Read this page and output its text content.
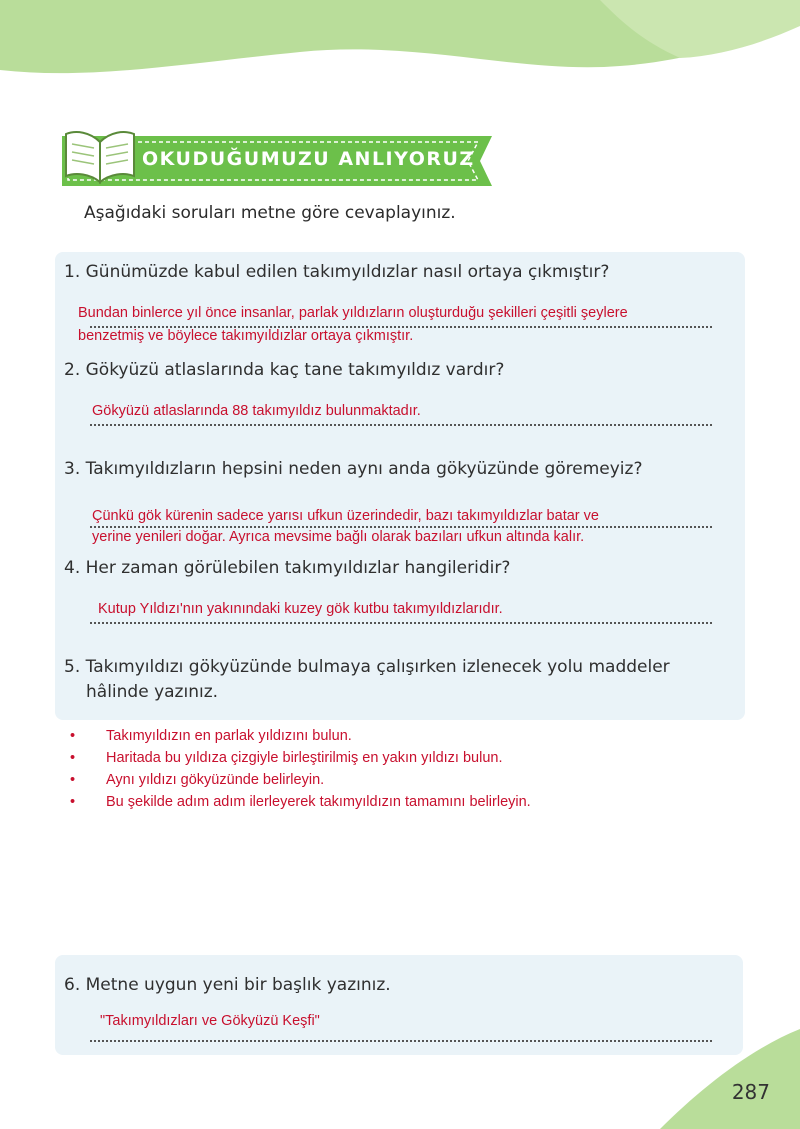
OKUDUĞUMUZU ANLIYORUZ
Aşağıdaki soruları metne göre cevaplayınız.
1. Günümüzde kabul edilen takımyıldızlar nasıl ortaya çıkmıştır?
Bundan binlerce yıl önce insanlar, parlak yıldızların oluşturduğu şekilleri çeşitli şeylere
benzetmiş ve böylece takımyıldızlar ortaya çıkmıştır.
2. Gökyüzü atlaslarında kaç tane takımyıldız vardır?
Gökyüzü atlaslarında 88 takımyıldız bulunmaktadır.
3. Takımyıldızların hepsini neden aynı anda gökyüzünde göremeyiz?
Çünkü gök kürenin sadece yarısı ufkun üzerindedir, bazı takımyıldızlar batar ve
yerine yenileri doğar. Ayrıca mevsime bağlı olarak bazıları ufkun altında kalır.
4. Her zaman görülebilen takımyıldızlar hangileridir?
Kutup Yıldızı'nın yakınındaki kuzey gök kutbu takımyıldızlarıdır.
5. Takımyıldızı gökyüzünde bulmaya çalışırken izlenecek yolu maddeler
hâlinde yazınız.
• Takımyıldızın en parlak yıldızını bulun.
• Haritada bu yıldıza çizgiyle birleştirilmiş en yakın yıldızı bulun.
• Aynı yıldızı gökyüzünde belirleyin.
• Bu şekilde adım adım ilerleyerek takımyıldızın tamamını belirleyin.
6. Metne uygun yeni bir başlık yazınız.
"Takımyıldızları ve Gökyüzü Keşfi"
287
